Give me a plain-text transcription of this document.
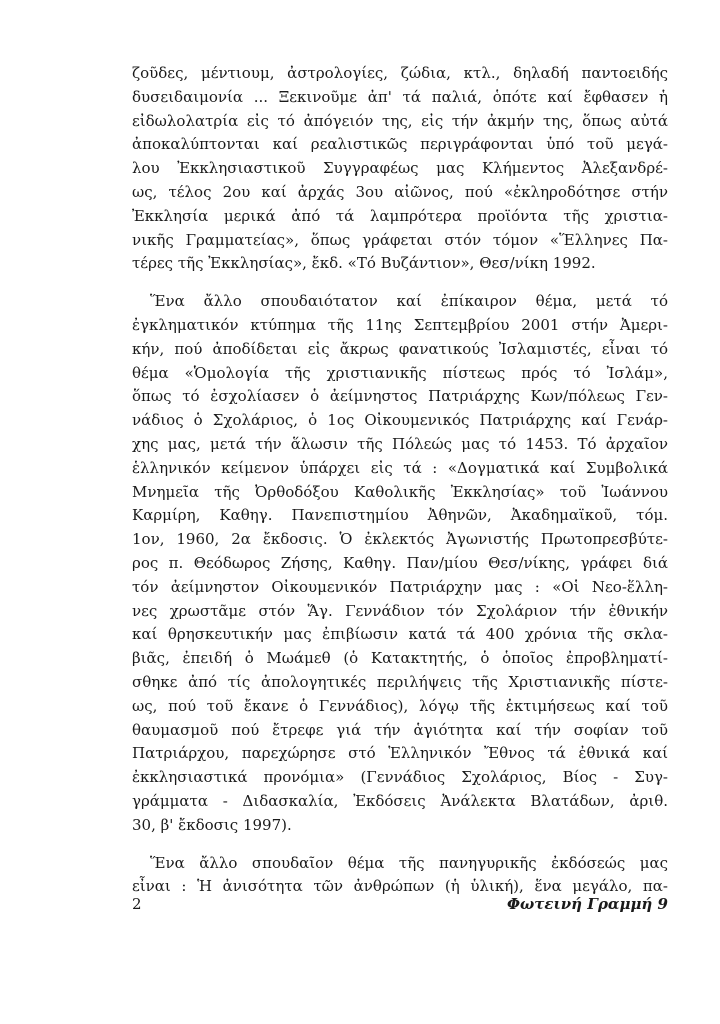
ζοῦδες, μέντιουμ, ἀστρολογίες, ζώδια, κτλ., δηλαδή παντοειδής
δυσειδαιμονία ... Ξεκινοῦμε ἀπ' τά παλιά, ὁπότε καί ἔφθασεν ἡ
εἰδωλολατρία εἰς τό ἀπόγειόν της, εἰς τήν ἀκμήν της, ὅπως αὐτά
ἀποκαλύπτονται καί ρεαλιστικῶς περιγράφονται ὑπό τοῦ μεγά-
λου Ἐκκλησιαστικοῦ Συγγραφέως μας Κλήμεντος Ἀλεξανδρέ-
ως, τέλος 2ου καί ἀρχάς 3ου αἰῶνος, πού «ἐκληροδότησε στήν
Ἐκκλησία μερικά ἀπό τά λαμπρότερα προϊόντα τῆς χριστια-
νικῆς Γραμματείας», ὅπως γράφεται στόν τόμον «Ἕλληνες Πα-
τέρες τῆς Ἐκκλησίας», ἔκδ. «Τό Βυζάντιον», Θεσ/νίκη 1992.
Ἕνα ἄλλο σπουδαιότατον καί ἐπίκαιρον θέμα, μετά τό
ἐγκληματικόν κτύπημα τῆς 11ης Σεπτεμβρίου 2001 στήν Ἀμερι-
κήν, πού ἀποδίδεται εἰς ἄκρως φανατικούς Ἰσλαμιστές, εἶναι τό
θέμα «Ὁμολογία τῆς χριστιανικῆς πίστεως πρός τό Ἰσλάμ»,
ὅπως τό ἐσχολίασεν ὁ ἀείμνηστος Πατριάρχης Κων/πόλεως Γεν-
νάδιος ὁ Σχολάριος, ὁ 1ος Οἰκουμενικός Πατριάρχης καί Γενάρ-
χης μας, μετά τήν ἅλωσιν τῆς Πόλεώς μας τό 1453. Τό ἀρχαῖον
ἑλληνικόν κείμενον ὑπάρχει εἰς τά : «Δογματικά καί Συμβολικά
Μνημεῖα τῆς Ὀρθοδόξου Καθολικῆς Ἐκκλησίας» τοῦ Ἰωάννου
Καρμίρη, Καθηγ. Πανεπιστημίου Ἀθηνῶν, Ἀκαδημαϊκοῦ, τόμ.
1ον, 1960, 2α ἔκδοσις. Ὁ ἐκλεκτός Ἀγωνιστής Πρωτοπρεσβύτε-
ρος π. Θεόδωρος Ζήσης, Καθηγ. Παν/μίου Θεσ/νίκης, γράφει διά
τόν ἀείμνηστον Οἰκουμενικόν Πατριάρχην μας : «Οἱ Νεο-ἕλλη-
νες χρωστᾶμε στόν Ἅγ. Γεννάδιον τόν Σχολάριον τήν ἐθνικήν
καί θρησκευτικήν μας ἐπιβίωσιν κατά τά 400 χρόνια τῆς σκλα-
βιᾶς, ἐπειδή ὁ Μωάμεθ (ὁ Κατακτητής, ὁ ὁποῖος ἐπροβληματί-
σθηκε ἀπό τίς ἀπολογητικές περιλήψεις τῆς Χριστιανικῆς πίστε-
ως, πού τοῦ ἔκανε ὁ Γεννάδιος), λόγῳ τῆς ἐκτιμήσεως καί τοῦ
θαυμασμοῦ πού ἔτρεφε γιά τήν ἁγιότητα καί τήν σοφίαν τοῦ
Πατριάρχου, παρεχώρησε στό Ἑλληνικόν Ἔθνος τά ἐθνικά καί
ἐκκλησιαστικά προνόμια» (Γεννάδιος Σχολάριος, Βίος - Συγ-
γράμματα - Διδασκαλία, Ἐκδόσεις Ἀνάλεκτα Βλατάδων, ἀριθ.
30, β' ἔκδοσις 1997).
Ἕνα ἄλλο σπουδαῖον θέμα τῆς πανηγυρικῆς ἐκδόσεώς μας
εἶναι : Ἡ ἀνισότητα τῶν ἀνθρώπων (ἡ ὑλική), ἕνα μεγάλο, πα-
2	Φωτεινή Γραμμή 9
